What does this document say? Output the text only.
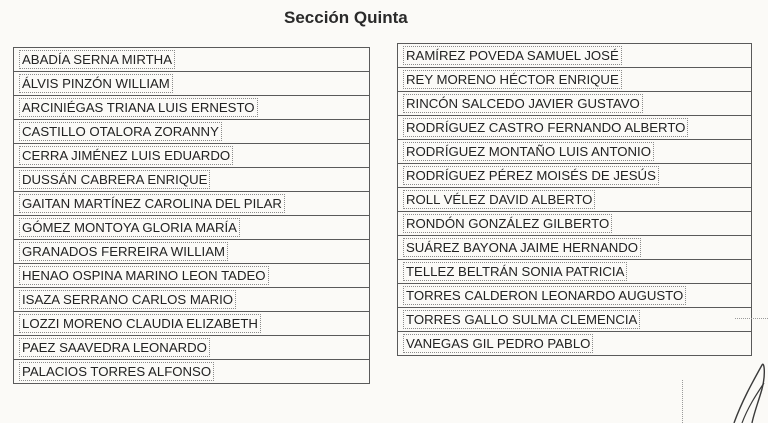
Sección Quinta
ABADÍA SERNA MIRTHA
ÁLVIS PINZÓN WILLIAM
ARCINIÉGAS TRIANA LUIS ERNESTO
CASTILLO OTALORA ZORANNY
CERRA JIMÉNEZ LUIS EDUARDO
DUSSÁN CABRERA ENRIQUE
GAITAN MARTÍNEZ CAROLINA DEL PILAR
GÓMEZ MONTOYA GLORIA MARÍA
GRANADOS FERREIRA WILLIAM
HENAO OSPINA MARINO LEON TADEO
ISAZA SERRANO CARLOS MARIO
LOZZI MORENO CLAUDIA ELIZABETH
PAEZ SAAVEDRA LEONARDO
PALACIOS TORRES ALFONSO
RAMÍREZ POVEDA SAMUEL JOSÉ
REY MORENO HÉCTOR ENRIQUE
RINCÓN SALCEDO JAVIER GUSTAVO
RODRÍGUEZ CASTRO FERNANDO ALBERTO
RODRÍGUEZ MONTAÑO LUIS ANTONIO
RODRÍGUEZ PÉREZ MOISÉS DE JESÚS
ROLL VÉLEZ DAVID ALBERTO
RONDÓN GONZÁLEZ GILBERTO
SUÁREZ BAYONA JAIME HERNANDO
TELLEZ BELTRÁN SONIA PATRICIA
TORRES CALDERON LEONARDO AUGUSTO
TORRES GALLO SULMA CLEMENCIA
VANEGAS GIL PEDRO PABLO
